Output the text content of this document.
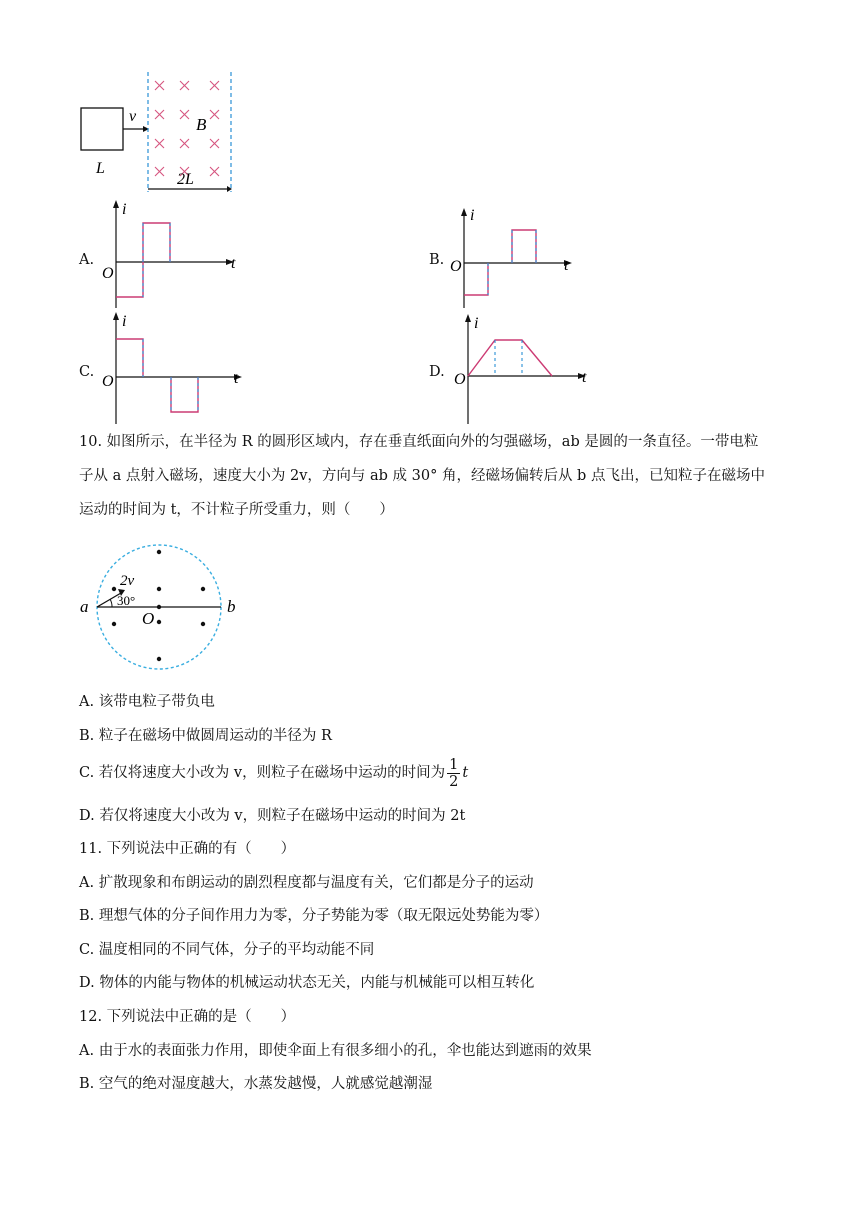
v
L
B
2L
A.
i
t
O
B.
i
t
O
C.
i
t
O
D.
i
t
O
10. 如图所示，在半径为 R 的圆形区域内，存在垂直纸面向外的匀强磁场，ab 是圆的一条直径。一带电粒
子从 a 点射入磁场，速度大小为 2v，方向与 ab 成 30° 角，经磁场偏转后从 b 点飞出，已知粒子在磁场中
运动的时间为 t，不计粒子所受重力，则（　　）
2v
30°
a	b
O
A. 该带电粒子带负电
B. 粒子在磁场中做圆周运动的半径为 R
C. 若仅将速度大小改为 v，则粒子在磁场中运动的时间为 $\frac{1}{2}$ t
D. 若仅将速度大小改为 v，则粒子在磁场中运动的时间为 2t
11. 下列说法中正确的有（　　）
A. 扩散现象和布朗运动的剧烈程度都与温度有关，它们都是分子的运动
B. 理想气体的分子间作用力为零，分子势能为零（取无限远处势能为零）
C. 温度相同的不同气体，分子的平均动能不同
D. 物体的内能与物体的机械运动状态无关，内能与机械能可以相互转化
12. 下列说法中正确的是（　　）
A. 由于水的表面张力作用，即使伞面上有很多细小的孔，伞也能达到遮雨的效果
B. 空气的绝对湿度越大，水蒸发越慢，人就感觉越潮湿
